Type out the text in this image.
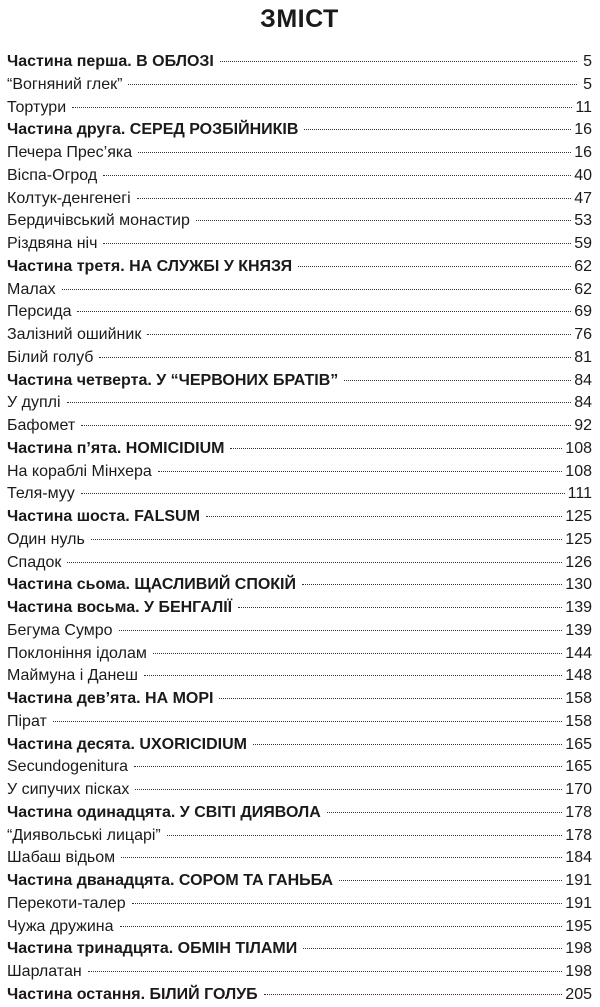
ЗМІСТ
Частина перша. В ОБЛОЗІ	5
“Вогняний глек”	5
Тортури	11
Частина друга. СЕРЕД РОЗБІЙНИКІВ	16
Печера Прес’яка	16
Віспа-Огрод	40
Колтук-денгенегі	47
Бердичівський монастир	53
Різдвяна ніч	59
Частина третя. НА СЛУЖБІ У КНЯЗЯ	62
Малах	62
Персида	69
Залізний ошийник	76
Білий голуб	81
Частина четверта. У “ЧЕРВОНИХ БРАТІВ”	84
У дуплі	84
Бафомет	92
Частина п’ята. HOMICIDIUM	108
На кораблі Мінхера	108
Теля-муу	111
Частина шоста. FALSUM	125
Один нуль	125
Спадок	126
Частина сьома. ЩАСЛИВИЙ СПОКІЙ	130
Частина восьма. У БЕНГАЛІЇ	139
Бегума Сумро	139
Поклоніння ідолам	144
Маймуна і Данеш	148
Частина дев’ята. НА МОРІ	158
Пірат	158
Частина десята. UXORICIDIUM	165
Secundogenitura	165
У сипучих пісках	170
Частина одинадцята. У СВІТІ ДИЯВОЛА	178
“Диявольські лицарі”	178
Шабаш відьом	184
Частина дванадцята. СОРОМ ТА ГАНЬБА	191
Перекоти-талер	191
Чужа дружина	195
Частина тринадцята. ОБМІН ТІЛАМИ	198
Шарлатан	198
Частина остання. БІЛИЙ ГОЛУБ	205
